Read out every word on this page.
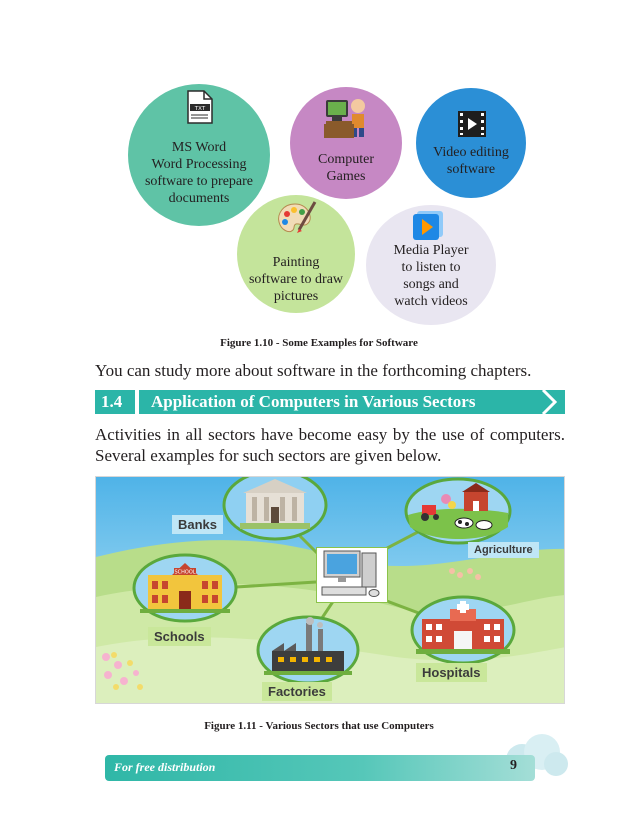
TXT
MS Word
Word Processing
software to prepare
documents
Computer
Games
Video editing
software
Painting
software to draw
pictures
Media Player
to listen to
songs and
watch videos
Figure 1.10 - Some Examples for Software
You can study more about software in the forthcoming chapters.
1.4	Application of Computers in Various Sectors
Activities in all sectors have become easy by the use of computers. Several examples for such sectors are given below.
SCHOOL
Banks
Agriculture
Schools
Hospitals
Factories
Figure 1.11 - Various Sectors that use Computers
For free distribution	9
